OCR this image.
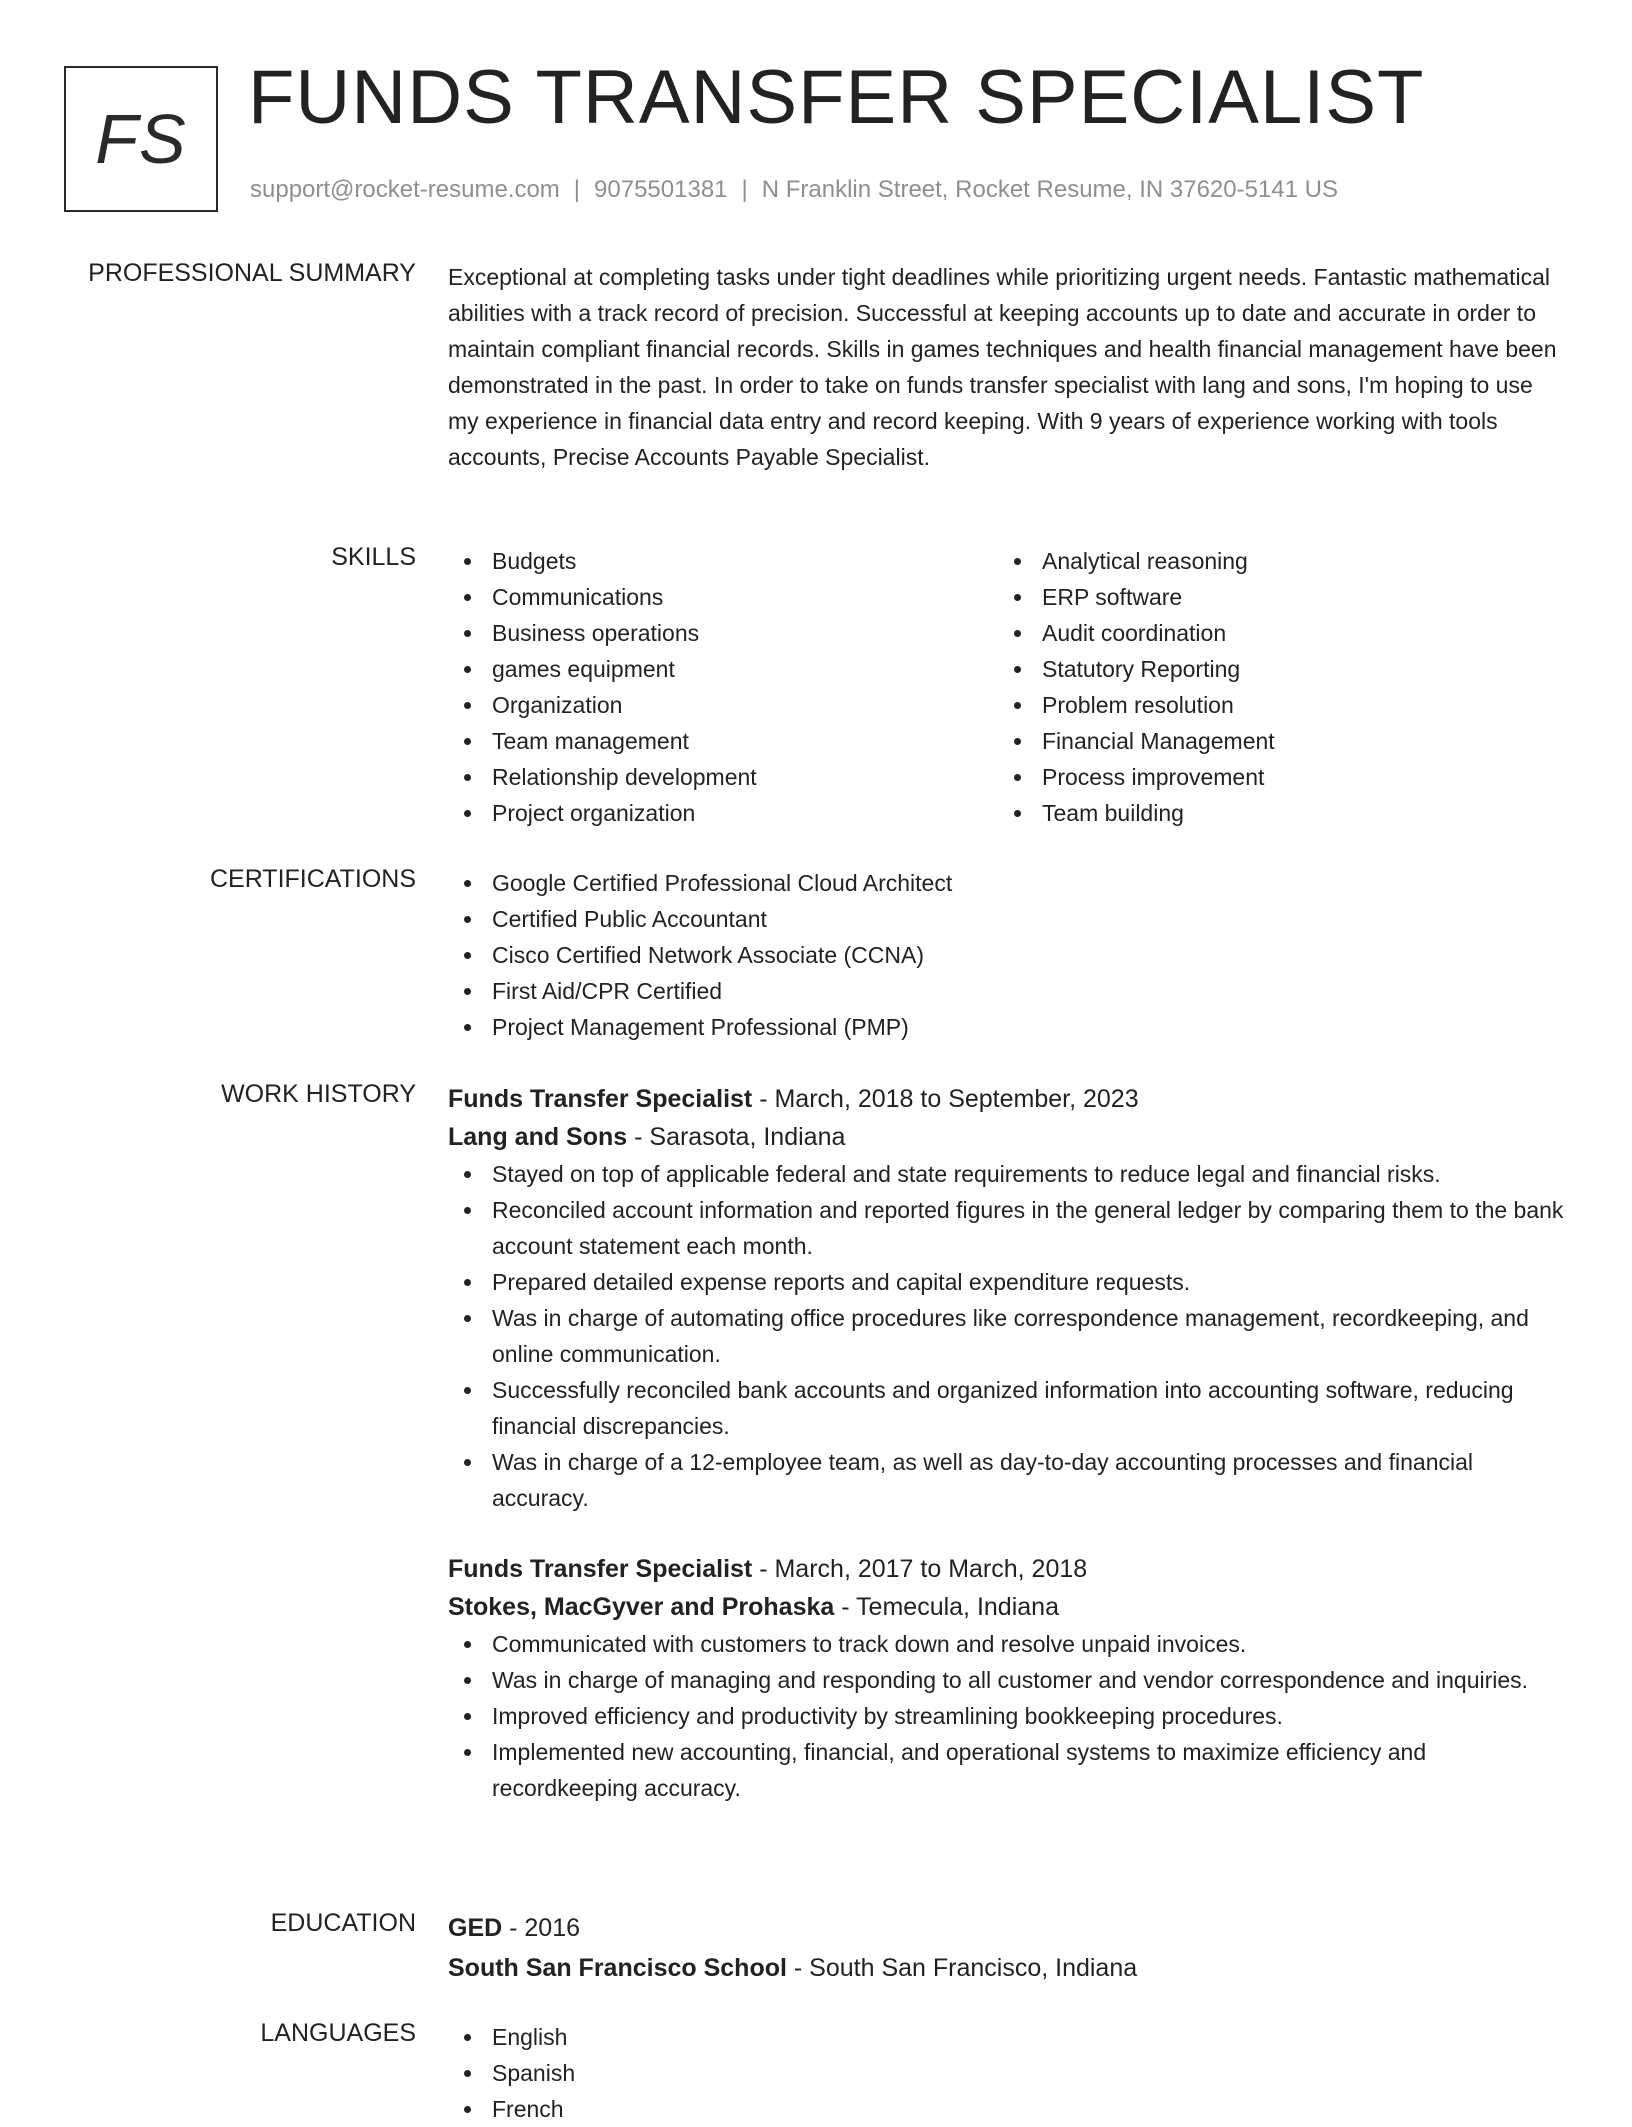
FS FUNDS TRANSFER SPECIALIST
support@rocket-resume.com | 9075501381 | N Franklin Street, Rocket Resume, IN 37620-5141 US
PROFESSIONAL SUMMARY Exceptional at completing tasks under tight deadlines while prioritizing urgent needs. Fantastic mathematical abilities with a track record of precision. Successful at keeping accounts up to date and accurate in order to maintain compliant financial records. Skills in games techniques and health financial management have been demonstrated in the past. In order to take on funds transfer specialist with lang and sons, I'm hoping to use my experience in financial data entry and record keeping. With 9 years of experience working with tools accounts, Precise Accounts Payable Specialist.

SKILLS	Budgets
Communications
Business operations
games equipment
Organization
Team management
Relationship development
Project organization
Analytical reasoning
ERP software
Audit coordination
Statutory Reporting
Problem resolution
Financial Management
Process improvement
Team building
CERTIFICATIONS	Google Certified Professional Cloud Architect
Certified Public Accountant
Cisco Certified Network Associate (CCNA)
First Aid/CPR Certified
Project Management Professional (PMP)
WORK HISTORY Funds Transfer Specialist - March, 2018 to September, 2023
Lang and Sons - Sarasota, Indiana
Stayed on top of applicable federal and state requirements to reduce legal and financial risks.
Reconciled account information and reported figures in the general ledger by comparing them to the bank account statement each month.
Prepared detailed expense reports and capital expenditure requests.
Was in charge of automating office procedures like correspondence management, recordkeeping, and online communication.
Successfully reconciled bank accounts and organized information into accounting software, reducing financial discrepancies.
Was in charge of a 12-employee team, as well as day-to-day accounting processes and financial accuracy.
Funds Transfer Specialist - March, 2017 to March, 2018
Stokes, MacGyver and Prohaska - Temecula, Indiana
Communicated with customers to track down and resolve unpaid invoices.
Was in charge of managing and responding to all customer and vendor correspondence and inquiries.
Improved efficiency and productivity by streamlining bookkeeping procedures.
Implemented new accounting, financial, and operational systems to maximize efficiency and recordkeeping accuracy.
EDUCATION GED - 2016
South San Francisco School - South San Francisco, Indiana
LANGUAGES	English
Spanish
French
